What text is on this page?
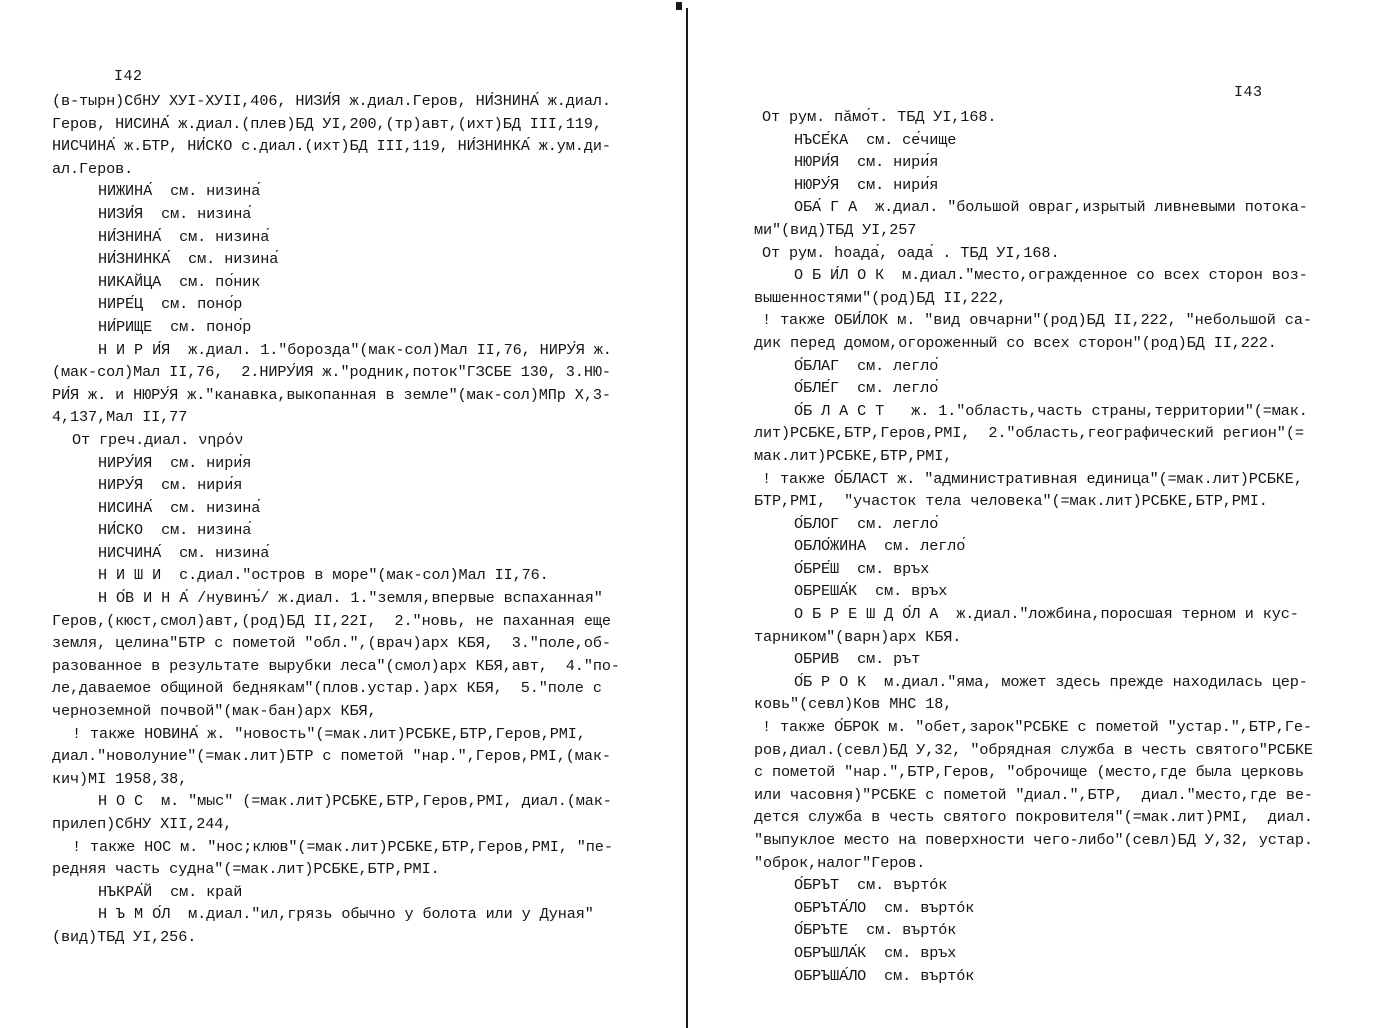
I42
(в-тырн)СбНУ ХУI-ХУII,406, НИЗИ́Я ж.диал.Геров, НИ́ЗНИНА́ ж.диал.
Геров, НИСИНА́ ж.диал.(плев)БД УI,200,(тр)авт,(ихт)БД III,119,
НИСЧИНА́ ж.БТР, НИ́СКО с.диал.(ихт)БД III,119, НИ́ЗНИНКА́ ж.ум.ди-
ал.Геров.
НИЖИНА́  см. низина́
НИЗИ́Я  см. низина́
НИ́ЗНИНА́  см. низина́
НИ́ЗНИНКА́  см. низина́
НИКАЙЦА  см. по́ник
НИРЕ́Ц  см. поно́р
НИ́РИЩЕ  см. поно́р
Н И Р И́Я  ж.диал. 1."борозда"(мак-сол)Мал II,76, НИРУ́Я ж.
(мак-сол)Мал II,76,  2.НИРУ́ИЯ ж."родник,поток"ГЗСБЕ 130, 3.НЮ-
РИ́Я ж. и НЮРУ́Я ж."канавка,выкопанная в земле"(мак-сол)МПр Х,3-
4,137,Мал II,77
От греч.диал. νηρόν
НИРУ́ИЯ  см. нири́я
НИРУ́Я  см. нири́я
НИСИНА́  см. низина́
НИ́СКО  см. низина́
НИСЧИНА́  см. низина́
Н И Ш И  с.диал."остров в море"(мак-сол)Мал II,76.
Н О́В И Н А́ /нувинъ́/ ж.диал. 1."земля,впервые вспаханная"
Геров,(кюст,смол)авт,(род)БД II,22I,  2."новь, не паханная еще
земля, целина"БТР с пометой "обл.",(врач)арх КБЯ,  3."поле,об-
разованное в результате вырубки леса"(смол)арх КБЯ,авт,  4."по-
ле,даваемое общиной беднякам"(плов.устар.)арх КБЯ,  5."поле с
черноземной почвой"(мак-бан)арх КБЯ,
! также НОВИНА́ ж. "новость"(=мак.лит)РСБКЕ,БТР,Геров,РМI,
диал."новолуние"(=мак.лит)БТР с пометой "нар.",Геров,РМI,(мак-
кич)МI 1958,38,
Н О С  м. "мыс" (=мак.лит)РСБКЕ,БТР,Геров,РМI, диал.(мак-
прилеп)СбНУ ХII,244,
! также НОС м. "нос;клюв"(=мак.лит)РСБКЕ,БТР,Геров,РМI, "пе-
редняя часть судна"(=мак.лит)РСБКЕ,БТР,РМI.
НЪКРА́Й  см. край
Н Ъ М О́Л  м.диал."ил,грязь обычно у болота или у Дуная"
(вид)ТБД УI,256.
I43
От рум. пăмо́т. ТБД УI,168.
НЪСЕ́КА  см. се́чище
НЮРИ́Я  см. нири́я
НЮРУ́Я  см. нири́я
ОБА́ Г А  ж.диал. "большой овраг,изрытый ливневыми потока-
ми"(вид)ТБД УI,257
От рум. hoaда́, oaда́ . ТБД УI,168.
О Б И́Л О К  м.диал."место,огражденное со всех сторон воз-
вышенностями"(род)БД II,222,
! также ОБИ́ЛОК м. "вид овчарни"(род)БД II,222, "небольшой са-
дик перед домом,огороженный со всех сторон"(род)БД II,222.
О́БЛАГ  см. легло́
О́БЛЕ́Г  см. легло́
О́Б Л А С Т   ж. 1."область,часть страны,территории"(=мак.
лит)РСБКЕ,БТР,Геров,РМI,  2."область,географический регион"(=
мак.лит)РСБКЕ,БТР,РМI,
! также О́БЛАСТ ж. "административная единица"(=мак.лит)РСБКЕ,
БТР,РМI,  "участок тела человека"(=мак.лит)РСБКЕ,БТР,РМI.
О́БЛОГ  см. легло́
ОБЛО́ЖИНА  см. легло́
О́БРЕ́Ш  см. връх
ОБРЕША́К  см. връх
О Б Р Е Ш Д О́Л А  ж.диал."ложбина,поросшая терном и кус-
тарником"(варн)арх КБЯ.
ОБРИВ  см. рът
О́Б Р О К  м.диал."яма, может здесь прежде находилась цер-
ковь"(севл)Ков МНС 18,
! также О́БРОК м. "обет,зарок"РСБКЕ с пометой "устар.",БТР,Ге-
ров,диал.(севл)БД У,32, "обрядная служба в честь святого"РСБКЕ
с пометой "нар.",БТР,Геров, "оброчище (место,где была церковь
или часовня)"РСБКЕ с пометой "диал.",БТР,  диал."место,где ве-
дется служба в честь святого покровителя"(=мак.лит)РМI,  диал.
"выпуклое место на поверхности чего-либо"(севл)БД У,32, устар.
"оброк,налог"Геров.
О́БРЪТ  см. въртóк
ОБРЪТА́ЛО  см. въртóк
О́БРЪТЕ  см. въртóк
ОБРЪШЛА́К  см. връх
ОБРЪША́ЛО  см. въртóк
